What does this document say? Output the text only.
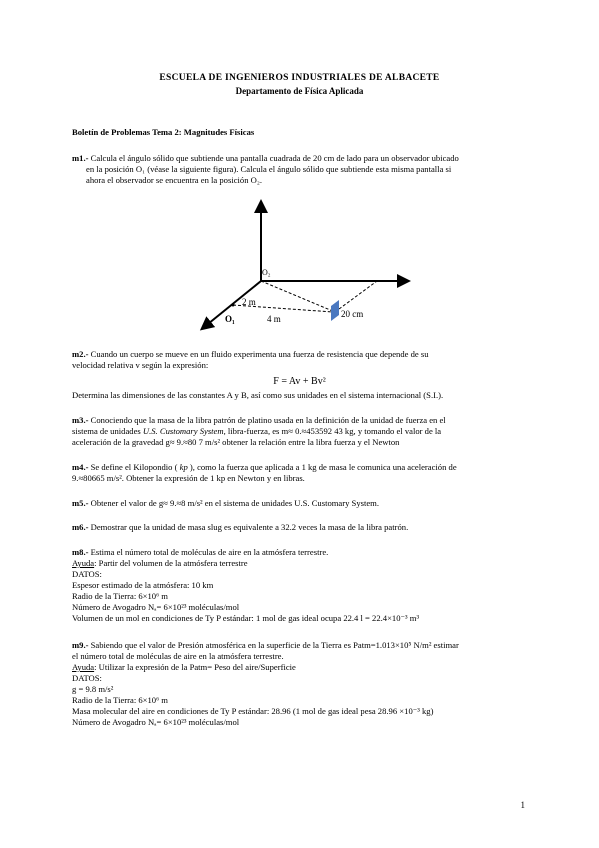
ESCUELA DE INGENIEROS INDUSTRIALES DE ALBACETE
Departamento de Física Aplicada
Boletín de Problemas Tema 2: Magnitudes Físicas
m1.- Calcula el ángulo sólido que subtiende una pantalla cuadrada de 20 cm de lado para un observador ubicado
en la posición O₁ (véase la siguiente figura). Calcula el ángulo sólido que subtiende esta misma pantalla si
ahora el observador se encuentra en la posición O₂.
O₂
O₁
2 m
4 m	20 cm
m2.- Cuando un cuerpo se mueve en un fluido experimenta una fuerza de resistencia que depende de su
velocidad relativa v según la expresión:
F = Av + Bv²
Determina las dimensiones de las constantes A y B, así como sus unidades en el sistema internacional (S.I.).
m3.- Conociendo que la masa de la libra patrón de platino usada en la definición de la unidad de fuerza en el
sistema de unidades U.S. Customary System, libra-fuerza, es m≈ 0.≈453592 43 kg, y tomando el valor de la
aceleración de la gravedad g≈ 9.≈80 7 m/s² obtener la relación entre la libra fuerza y el Newton
m4.- Se define el Kilopondio ( kp ), como la fuerza que aplicada a 1 kg de masa le comunica una aceleración de
9.≈80665 m/s². Obtener la expresión de 1 kp en Newton y en libras.
m5.- Obtener el valor de g≈ 9.≈8 m/s² en el sistema de unidades U.S. Customary System.
m6.- Demostrar que la unidad de masa slug es equivalente a 32.2 veces la masa de la libra patrón.
m8.- Estima el número total de moléculas de aire en la atmósfera terrestre.
Ayuda: Partir del volumen de la atmósfera terrestre
DATOS:
Espesor estimado de la atmósfera: 10 km
Radio de la Tierra: 6×10⁶ m
Número de Avogadro Nₐ= 6×10²³ moléculas/mol
Volumen de un mol en condiciones de Ty P estándar: 1 mol de gas ideal ocupa 22.4 l = 22.4×10⁻³ m³
m9.- Sabiendo que el valor de Presión atmosférica en la superficie de la Tierra es Patm=1.013×10⁵ N/m² estimar
el número total de moléculas de aire en la atmósfera terrestre.
Ayuda: Utilizar la expresión de la Patm= Peso del aire/Superficie
DATOS:
g = 9.8 m/s²
Radio de la Tierra: 6×10⁶ m
Masa molecular del aire en condiciones de Ty P estándar: 28.96 (1 mol de gas ideal pesa 28.96 ×10⁻³ kg)
Número de Avogadro Nₐ= 6×10²³ moléculas/mol
1
